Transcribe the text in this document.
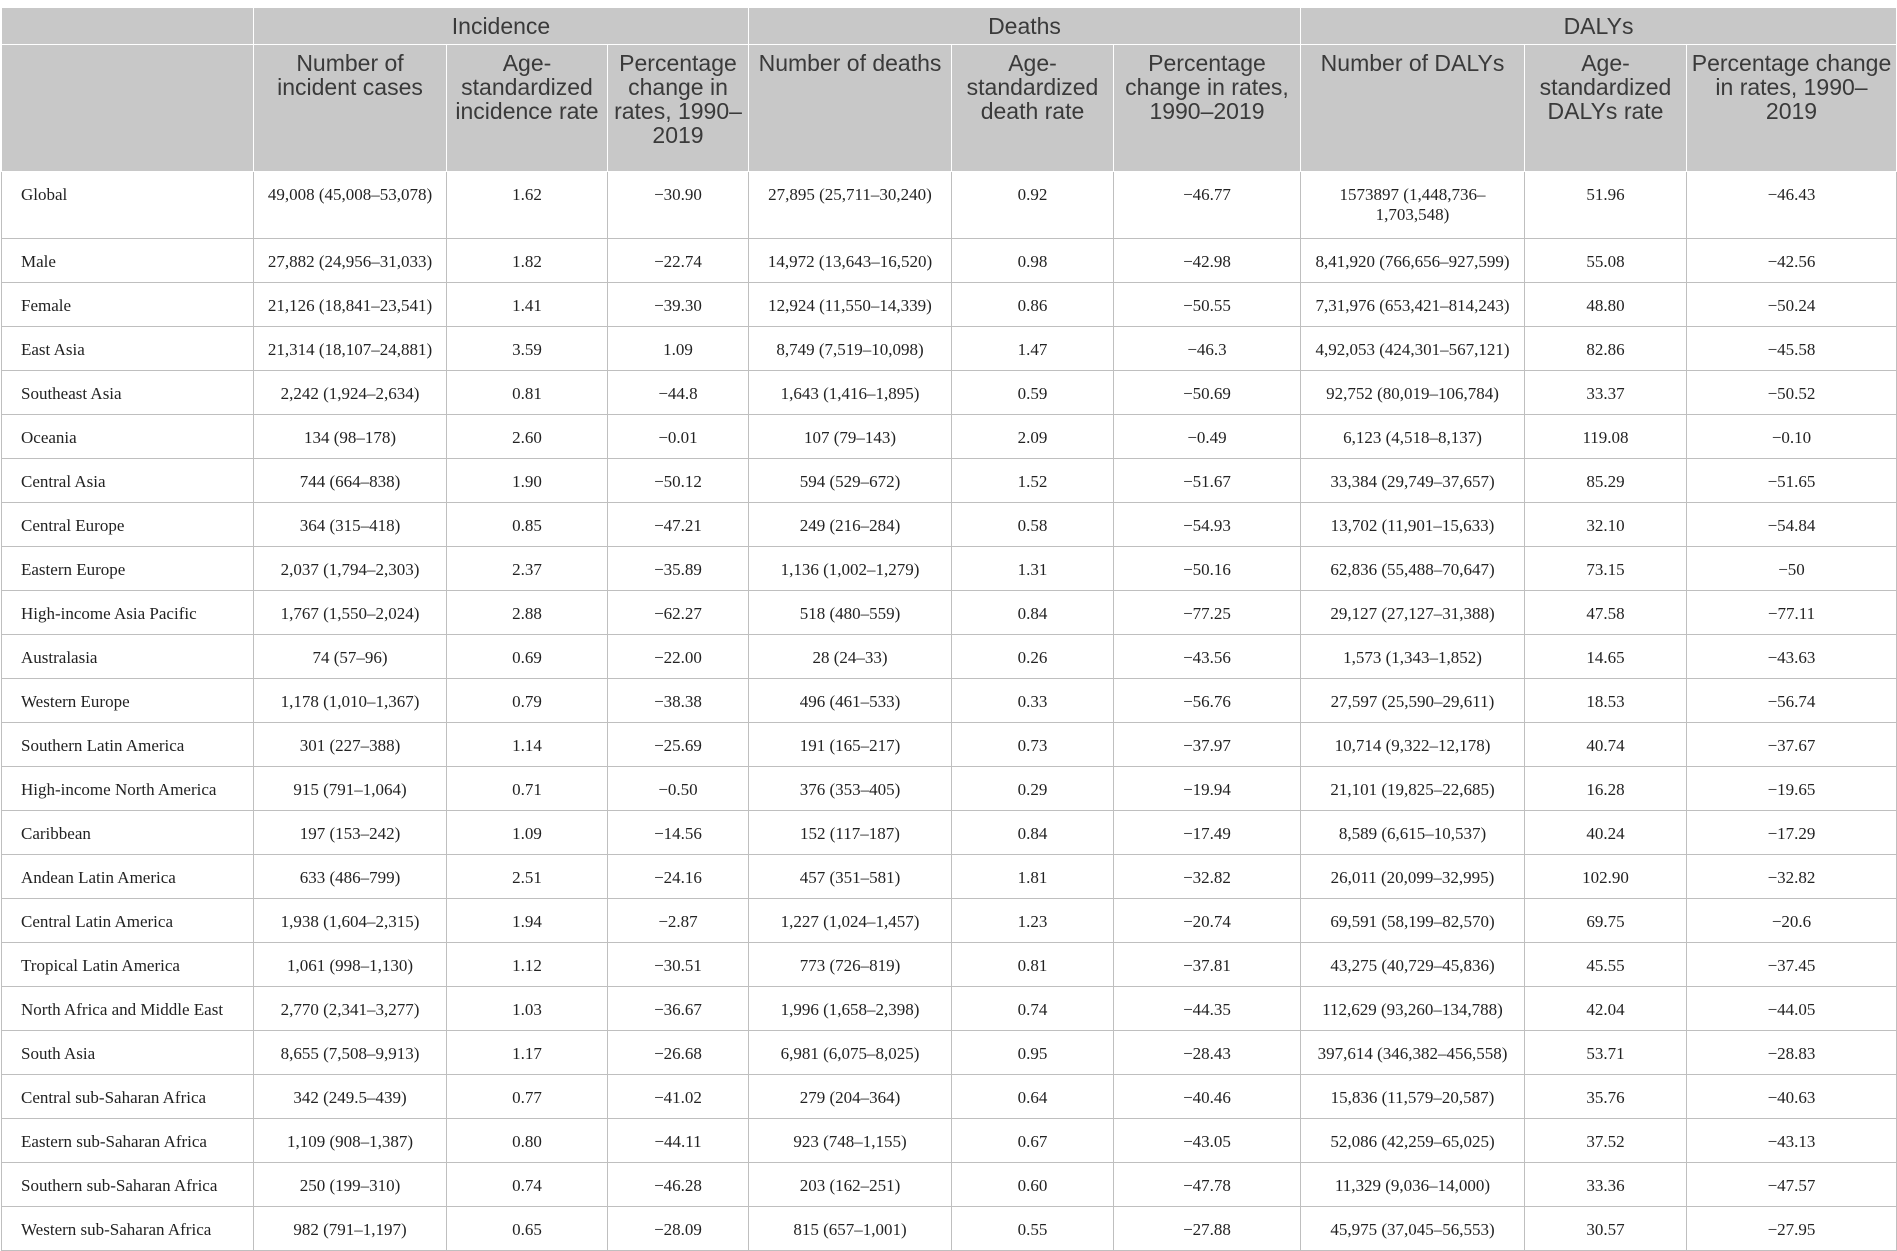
	Incidence			Deaths			DALYs		
	Number of incident cases	Age-standardized incidence rate	Percentage change in rates, 1990–2019	Number of deaths	Age-standardized death rate	Percentage change in rates, 1990–2019	Number of DALYs	Age-standardized DALYs rate	Percentage change in rates, 1990–2019
Global	49,008 (45,008–53,078)	1.62	−30.90	27,895 (25,711–30,240)	0.92	−46.77	1573897 (1,448,736–1,703,548)	51.96	−46.43
Male	27,882 (24,956–31,033)	1.82	−22.74	14,972 (13,643–16,520)	0.98	−42.98	8,41,920 (766,656–927,599)	55.08	−42.56
Female	21,126 (18,841–23,541)	1.41	−39.30	12,924 (11,550–14,339)	0.86	−50.55	7,31,976 (653,421–814,243)	48.80	−50.24
East Asia	21,314 (18,107–24,881)	3.59	1.09	8,749 (7,519–10,098)	1.47	−46.3	4,92,053 (424,301–567,121)	82.86	−45.58
Southeast Asia	2,242 (1,924–2,634)	0.81	−44.8	1,643 (1,416–1,895)	0.59	−50.69	92,752 (80,019–106,784)	33.37	−50.52
Oceania	134 (98–178)	2.60	−0.01	107 (79–143)	2.09	−0.49	6,123 (4,518–8,137)	119.08	−0.10
Central Asia	744 (664–838)	1.90	−50.12	594 (529–672)	1.52	−51.67	33,384 (29,749–37,657)	85.29	−51.65
Central Europe	364 (315–418)	0.85	−47.21	249 (216–284)	0.58	−54.93	13,702 (11,901–15,633)	32.10	−54.84
Eastern Europe	2,037 (1,794–2,303)	2.37	−35.89	1,136 (1,002–1,279)	1.31	−50.16	62,836 (55,488–70,647)	73.15	−50
High-income Asia Pacific	1,767 (1,550–2,024)	2.88	−62.27	518 (480–559)	0.84	−77.25	29,127 (27,127–31,388)	47.58	−77.11
Australasia	74 (57–96)	0.69	−22.00	28 (24–33)	0.26	−43.56	1,573 (1,343–1,852)	14.65	−43.63
Western Europe	1,178 (1,010–1,367)	0.79	−38.38	496 (461–533)	0.33	−56.76	27,597 (25,590–29,611)	18.53	−56.74
Southern Latin America	301 (227–388)	1.14	−25.69	191 (165–217)	0.73	−37.97	10,714 (9,322–12,178)	40.74	−37.67
High-income North America	915 (791–1,064)	0.71	−0.50	376 (353–405)	0.29	−19.94	21,101 (19,825–22,685)	16.28	−19.65
Caribbean	197 (153–242)	1.09	−14.56	152 (117–187)	0.84	−17.49	8,589 (6,615–10,537)	40.24	−17.29
Andean Latin America	633 (486–799)	2.51	−24.16	457 (351–581)	1.81	−32.82	26,011 (20,099–32,995)	102.90	−32.82
Central Latin America	1,938 (1,604–2,315)	1.94	−2.87	1,227 (1,024–1,457)	1.23	−20.74	69,591 (58,199–82,570)	69.75	−20.6
Tropical Latin America	1,061 (998–1,130)	1.12	−30.51	773 (726–819)	0.81	−37.81	43,275 (40,729–45,836)	45.55	−37.45
North Africa and Middle East	2,770 (2,341–3,277)	1.03	−36.67	1,996 (1,658–2,398)	0.74	−44.35	112,629 (93,260–134,788)	42.04	−44.05
South Asia	8,655 (7,508–9,913)	1.17	−26.68	6,981 (6,075–8,025)	0.95	−28.43	397,614 (346,382–456,558)	53.71	−28.83
Central sub-Saharan Africa	342 (249.5–439)	0.77	−41.02	279 (204–364)	0.64	−40.46	15,836 (11,579–20,587)	35.76	−40.63
Eastern sub-Saharan Africa	1,109 (908–1,387)	0.80	−44.11	923 (748–1,155)	0.67	−43.05	52,086 (42,259–65,025)	37.52	−43.13
Southern sub-Saharan Africa	250 (199–310)	0.74	−46.28	203 (162–251)	0.60	−47.78	11,329 (9,036–14,000)	33.36	−47.57
Western sub-Saharan Africa	982 (791–1,197)	0.65	−28.09	815 (657–1,001)	0.55	−27.88	45,975 (37,045–56,553)	30.57	−27.95
